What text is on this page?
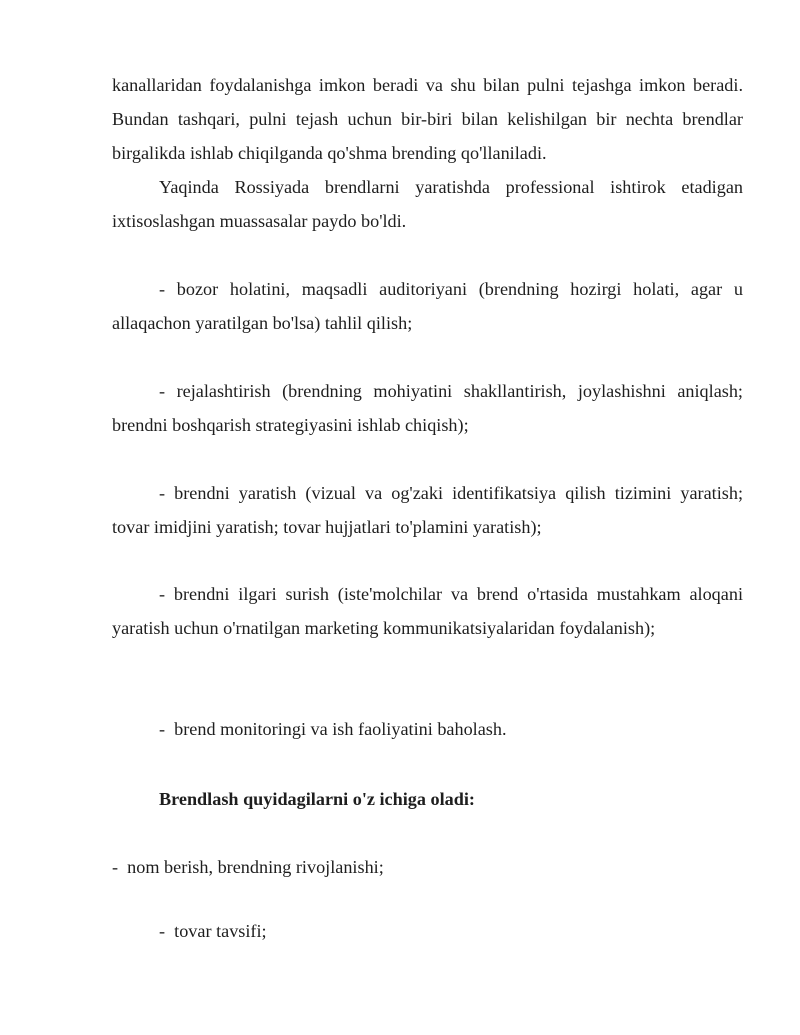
kanallaridan foydalanishga imkon beradi va shu bilan pulni tejashga imkon beradi. Bundan tashqari, pulni tejash uchun bir-biri bilan kelishilgan bir nechta brendlar birgalikda ishlab chiqilganda qo'shma brending qo'llaniladi.

Yaqinda Rossiyada brendlarni yaratishda professional ishtirok etadigan ixtisoslashgan muassasalar paydo bo'ldi.

- bozor holatini, maqsadli auditoriyani (brendning hozirgi holati, agar u allaqachon yaratilgan bo'lsa) tahlil qilish;

- rejalashtirish (brendning mohiyatini shakllantirish, joylashishni aniqlash; brendni boshqarish strategiyasini ishlab chiqish);

- brendni yaratish (vizual va og'zaki identifikatsiya qilish tizimini yaratish; tovar imidjini yaratish; tovar hujjatlari to'plamini yaratish);

- brendni ilgari surish (iste'molchilar va brend o'rtasida mustahkam aloqani yaratish uchun o'rnatilgan marketing kommunikatsiyalaridan foydalanish);

-  brend monitoringi va ish faoliyatini baholash.

Brendlash quyidagilarni o'z ichiga oladi:

-  nom berish, brendning rivojlanishi;

-  tovar tavsifi;
